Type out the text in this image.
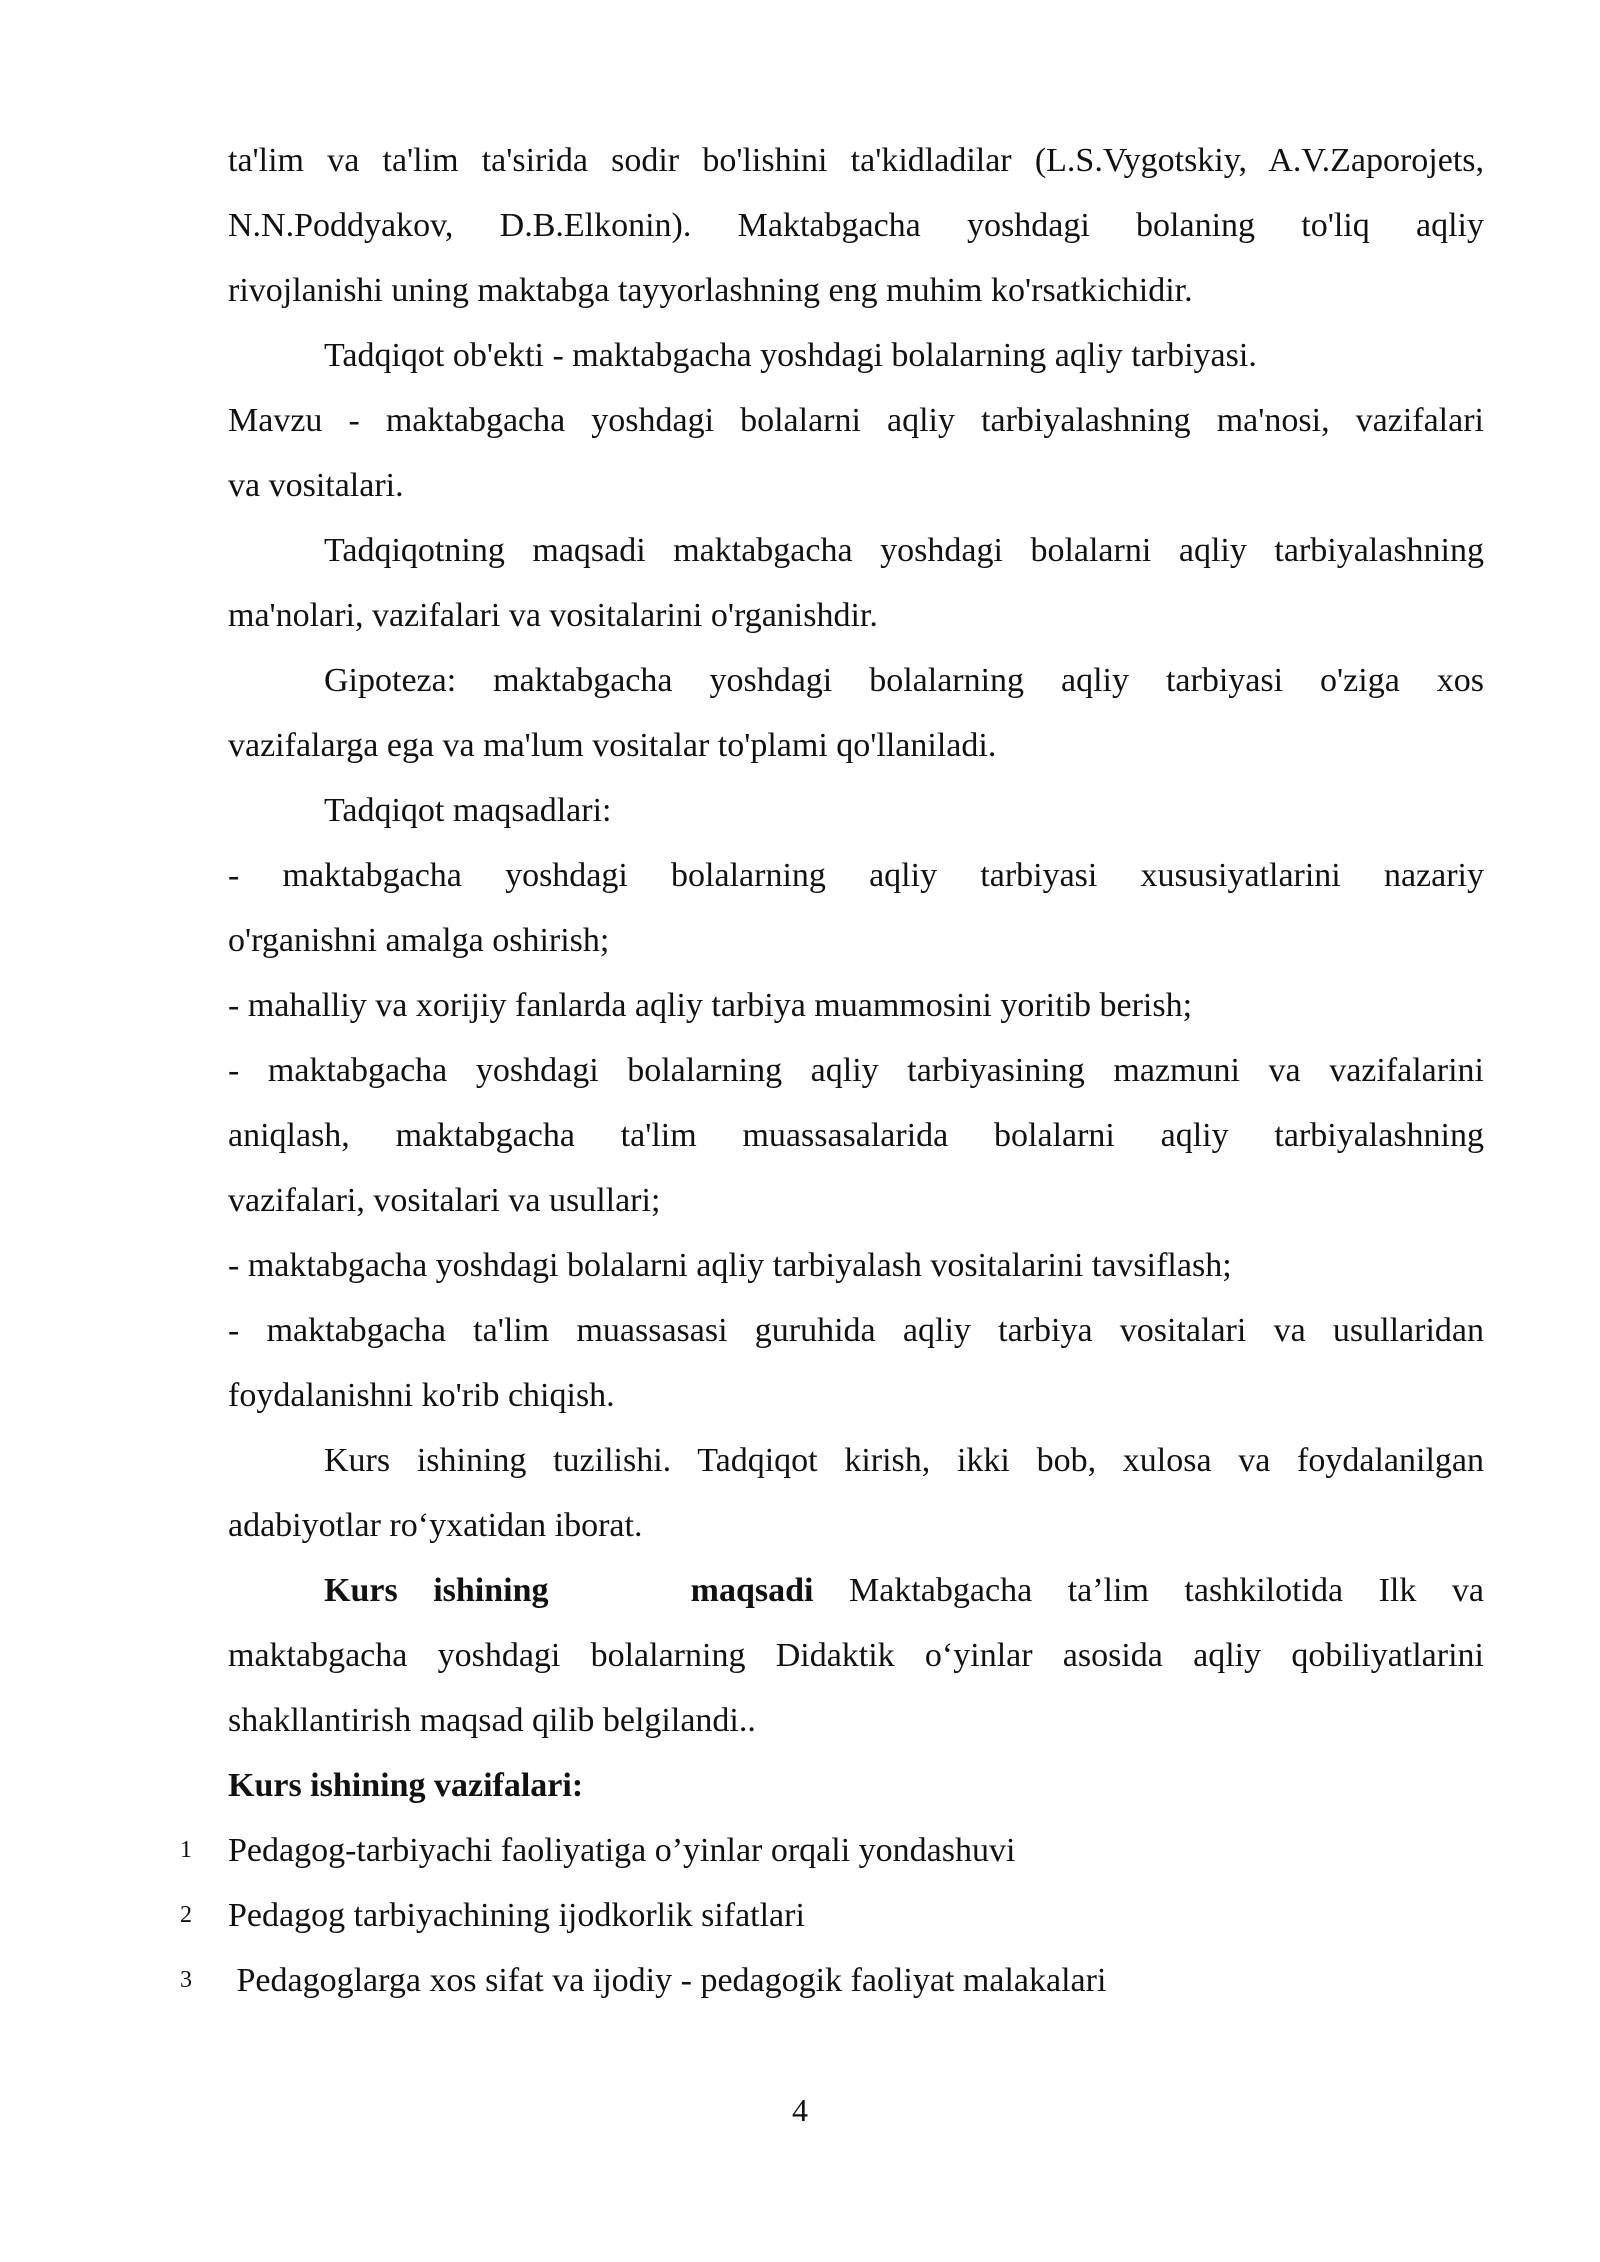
ta'lim va ta'lim ta'sirida sodir bo'lishini ta'kidladilar (L.S.Vygotskiy, A.V.Zaporojets,
N.N.Poddyakov, D.B.Elkonin). Maktabgacha yoshdagi bolaning to'liq aqliy
rivojlanishi uning maktabga tayyorlashning eng muhim ko'rsatkichidir.
Tadqiqot ob'ekti - maktabgacha yoshdagi bolalarning aqliy tarbiyasi.
Mavzu - maktabgacha yoshdagi bolalarni aqliy tarbiyalashning ma'nosi, vazifalari
va vositalari.
Tadqiqotning maqsadi maktabgacha yoshdagi bolalarni aqliy tarbiyalashning
ma'nolari, vazifalari va vositalarini o'rganishdir.
Gipoteza: maktabgacha yoshdagi bolalarning aqliy tarbiyasi o'ziga xos
vazifalarga ega va ma'lum vositalar to'plami qo'llaniladi.
Tadqiqot maqsadlari:
- maktabgacha yoshdagi bolalarning aqliy tarbiyasi xususiyatlarini nazariy
o'rganishni amalga oshirish;
- mahalliy va xorijiy fanlarda aqliy tarbiya muammosini yoritib berish;
- maktabgacha yoshdagi bolalarning aqliy tarbiyasining mazmuni va vazifalarini
aniqlash, maktabgacha ta'lim muassasalarida bolalarni aqliy tarbiyalashning
vazifalari, vositalari va usullari;
- maktabgacha yoshdagi bolalarni aqliy tarbiyalash vositalarini tavsiflash;
- maktabgacha ta'lim muassasasi guruhida aqliy tarbiya vositalari va usullaridan
foydalanishni ko'rib chiqish.
Kurs ishining tuzilishi. Tadqiqot kirish, ikki bob, xulosa va foydalanilgan
adabiyotlar roʻyxatidan iborat.
Kurs ishining    maqsadi Maktabgacha ta’lim tashkilotida Ilk va
maktabgacha yoshdagi bolalarning Didaktik oʻyinlar asosida aqliy qobiliyatlarini
shakllantirish maqsad qilib belgilandi..
Kurs ishining vazifalari:
1	Pedagog-tarbiyachi faoliyatiga o’yinlar orqali yondashuvi
2	Pedagog tarbiyachining ijodkorlik sifatlari
3	Pedagoglarga xos sifat va ijodiy - pedagogik faoliyat malakalari
4
